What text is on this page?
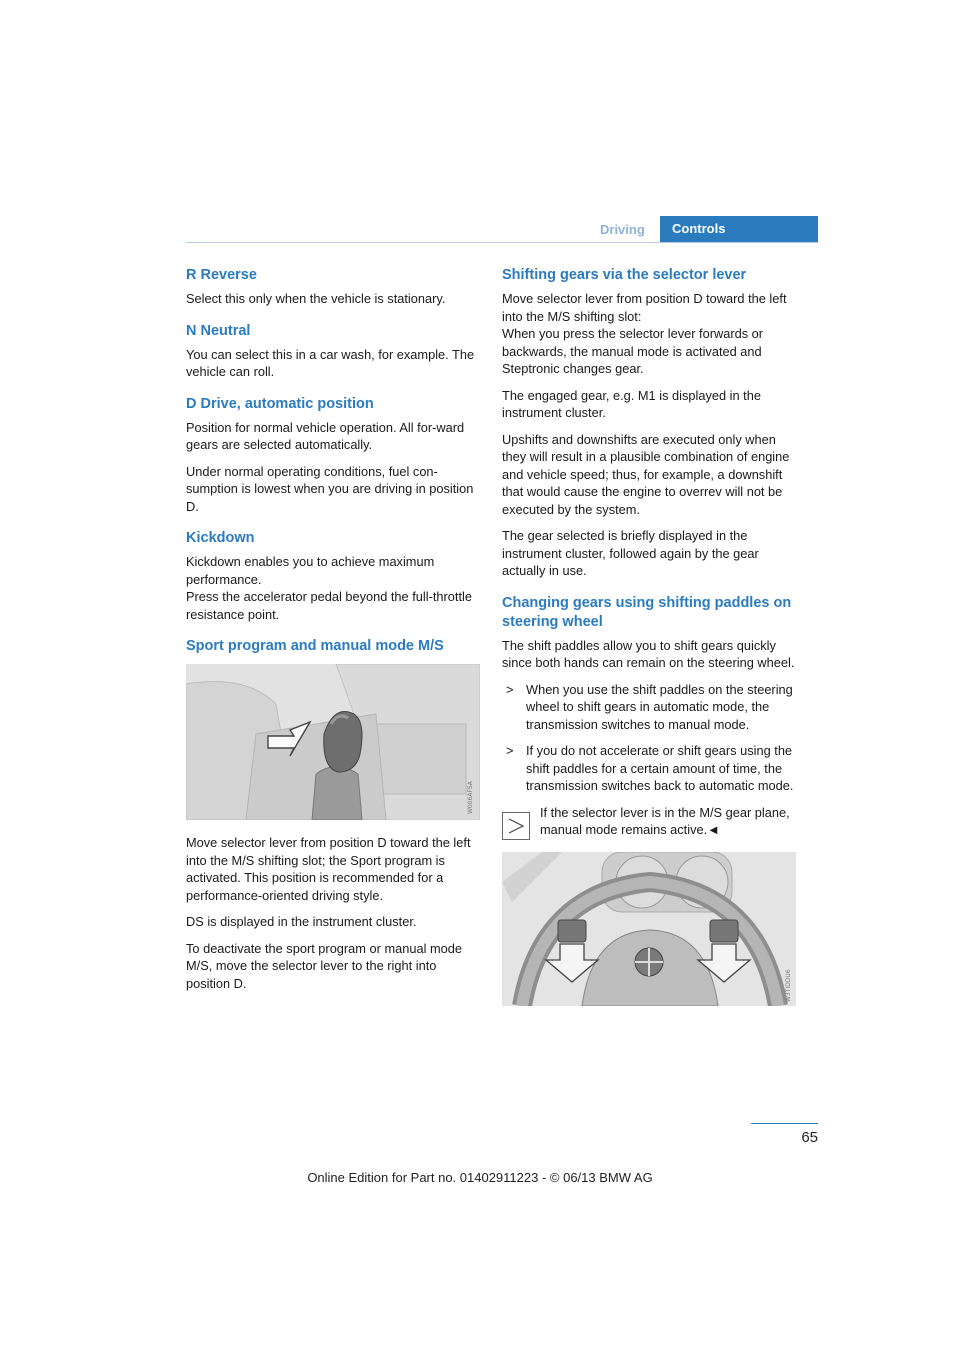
Driving	Controls
R Reverse

Select this only when the vehicle is stationary.

N Neutral

You can select this in a car wash, for example. The vehicle can roll.

D Drive, automatic position

Position for normal vehicle operation. All for-ward gears are selected automatically.

Under normal operating conditions, fuel con-sumption is lowest when you are driving in position D.

Kickdown

Kickdown enables you to achieve maximum performance.
Press the accelerator pedal beyond the full-throttle resistance point.

Sport program and manual mode M/S
W006AFSA

Move selector lever from position D toward the left into the M/S shifting slot; the Sport program is activated. This position is recommended for a performance-oriented driving style.

DS is displayed in the instrument cluster.

To deactivate the sport program or manual mode M/S, move the selector lever to the right into position D.

Shifting gears via the selector lever

Move selector lever from position D toward the left into the M/S shifting slot:
When you press the selector lever forwards or backwards, the manual mode is activated and Steptronic changes gear.

The engaged gear, e.g. M1 is displayed in the instrument cluster.

Upshifts and downshifts are executed only when they will result in a plausible combination of engine and vehicle speed; thus, for example, a downshift that would cause the engine to overrev will not be executed by the system.

The gear selected is briefly displayed in the instrument cluster, followed again by the gear actually in use.

Changing gears using shifting paddles on steering wheel

The shift paddles allow you to shift gears quickly since both hands can remain on the steering wheel.

> When you use the shift paddles on the steering wheel to shift gears in automatic mode, the transmission switches to manual mode.
> If you do not accelerate or shift gears using the shift paddles for a certain amount of time, the transmission switches back to automatic mode.
If the selector lever is in the M/S gear plane, manual mode remains active.◄
W3TIDDU6
65
Online Edition for Part no. 01402911223 - © 06/13 BMW AG
